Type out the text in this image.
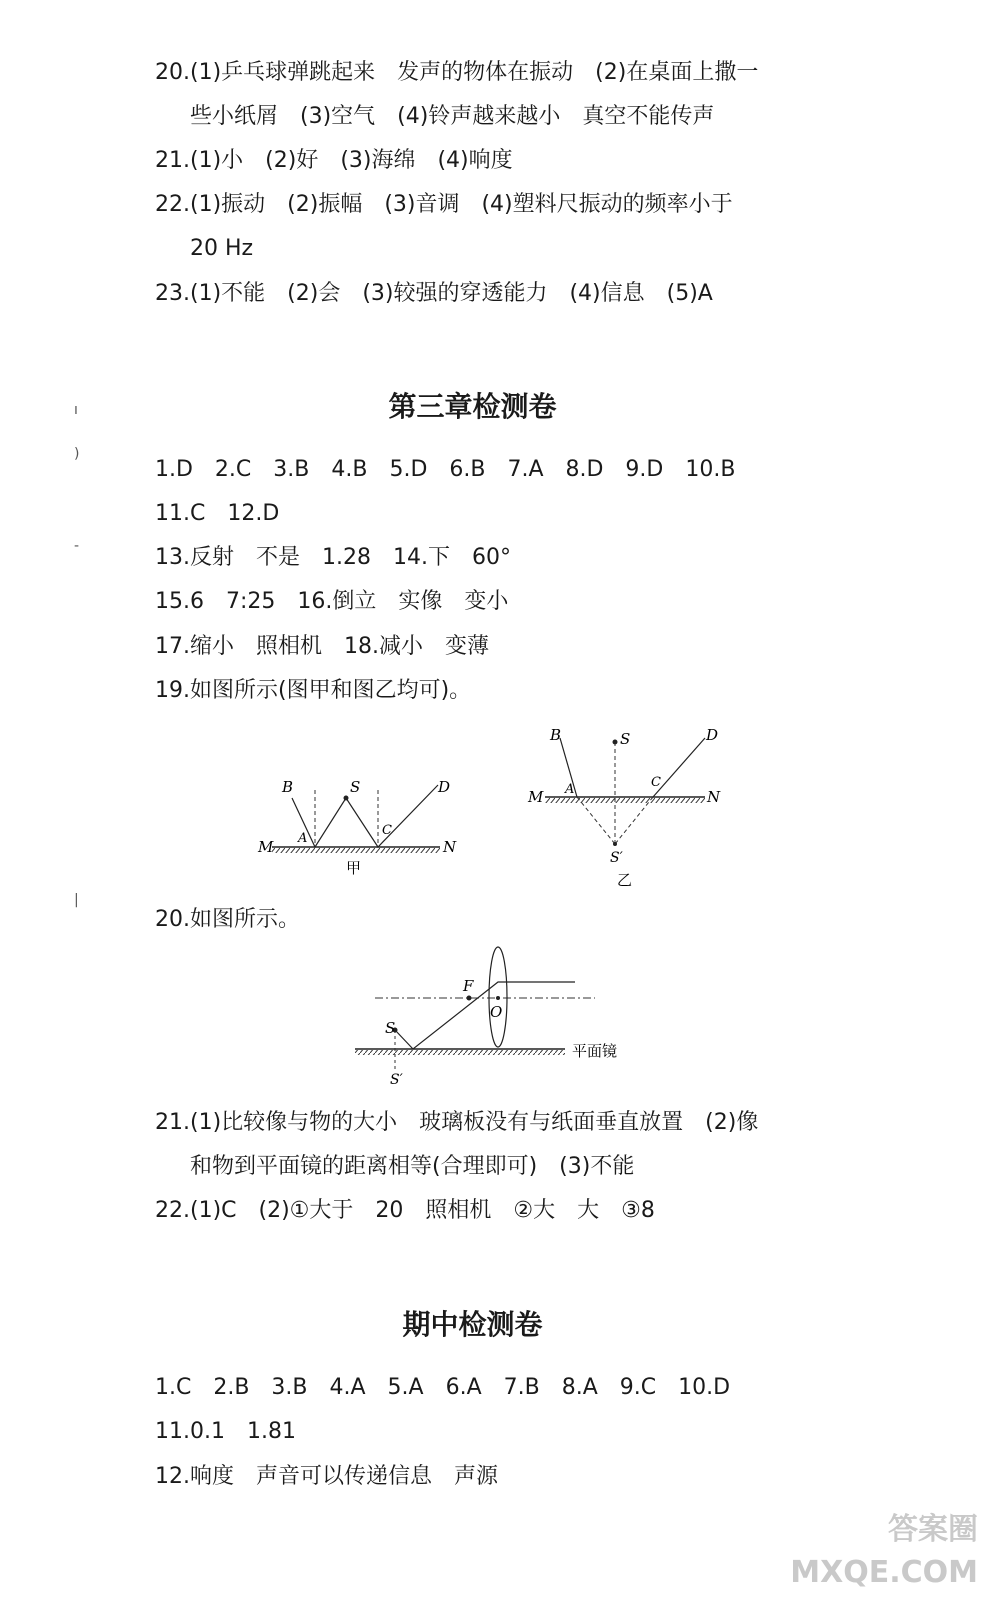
ı
)
-
|
20.(1)乒乓球弹跳起来　发声的物体在振动　(2)在桌面上撒一
些小纸屑　(3)空气　(4)铃声越来越小　真空不能传声
21.(1)小　(2)好　(3)海绵　(4)响度
22.(1)振动　(2)振幅　(3)音调　(4)塑料尺振动的频率小于
20 Hz
23.(1)不能　(2)会　(3)较强的穿透能力　(4)信息　(5)A
第三章检测卷
1.D　2.C　3.B　4.B　5.D　6.B　7.A　8.D　9.D　10.B
11.C　12.D
13.反射　不是　1.28　14.下　60°
15.6　7:25　16.倒立　实像　变小
17.缩小　照相机　18.减小　变薄
19.如图所示(图甲和图乙均可)。
B	S	D
A
C
M	N
甲
B	S	D
A	C
M	N
S′
乙
20.如图所示。
F
O
S
S′
平面镜
21.(1)比较像与物的大小　玻璃板没有与纸面垂直放置　(2)像
和物到平面镜的距离相等(合理即可)　(3)不能
22.(1)C　(2)①大于　20　照相机　②大　大　③8
期中检测卷
1.C　2.B　3.B　4.A　5.A　6.A　7.B　8.A　9.C　10.D
11.0.1　1.81
12.响度　声音可以传递信息　声源
答案圈
MXQE.COM
